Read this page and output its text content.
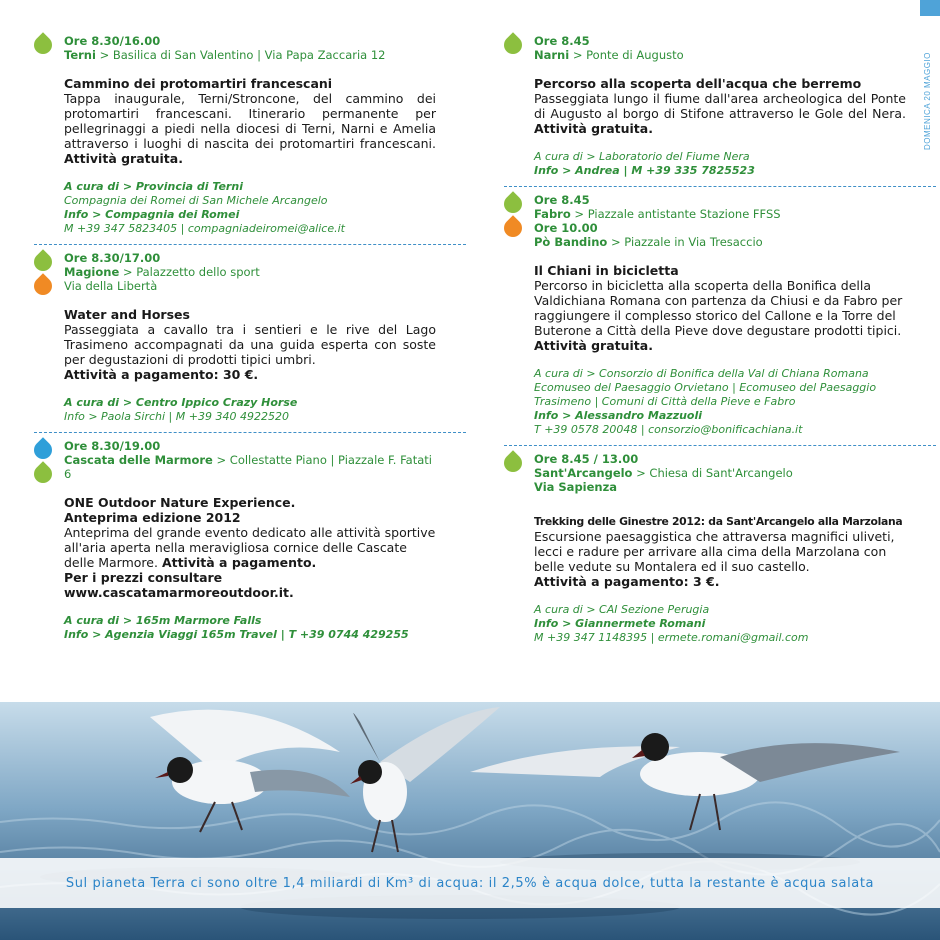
DOMENICA 20 MAGGIO
Ore 8.30/16.00
Terni > Basilica di San Valentino | Via Papa Zaccaria 12
Cammino dei protomartiri francescani
Tappa inaugurale, Terni/Stroncone, del cammino dei protomartiri francescani. Itinerario permanente per pellegrinaggi a piedi nella diocesi di Terni, Narni e Amelia attraverso i luoghi di nascita dei protomartiri francescani. Attività gratuita.
A cura di > Provincia di Terni
Compagnia dei Romei di San Michele Arcangelo
Info > Compagnia dei Romei
M +39 347 5823405 | compagniadeiromei@alice.it
Ore 8.30/17.00
Magione > Palazzetto dello sport
Via della Libertà
Water and Horses
Passeggiata a cavallo tra i sentieri e le rive del Lago Trasimeno accompagnati da una guida esperta con soste per degustazioni di prodotti tipici umbri.
Attività a pagamento: 30 €.
A cura di > Centro Ippico Crazy Horse
Info > Paola Sirchi | M +39 340 4922520
Ore 8.30/19.00
Cascata delle Marmore > Collestatte Piano | Piazzale F. Fatati 6
ONE Outdoor Nature Experience.
Anteprima edizione 2012
Anteprima del grande evento dedicato alle attività sportive all'aria aperta nella meravigliosa cornice delle Cascate delle Marmore. Attività a pagamento.
Per i prezzi consultare www.cascatamarmoreoutdoor.it.
A cura di > 165m Marmore Falls
Info > Agenzia Viaggi 165m Travel | T +39 0744 429255
Ore 8.45
Narni > Ponte di Augusto
Percorso alla scoperta dell'acqua che berremo
Passeggiata lungo il fiume dall'area archeologica del Ponte di Augusto al borgo di Stifone attraverso le Gole del Nera. Attività gratuita.
A cura di > Laboratorio del Fiume Nera
Info > Andrea | M +39 335 7825523
Ore 8.45
Fabro > Piazzale antistante Stazione FFSS
Ore 10.00
Pò Bandino > Piazzale in Via Tresaccio
Il Chiani in bicicletta
Percorso in bicicletta alla scoperta della Bonifica della Valdichiana Romana con partenza da Chiusi e da Fabro per raggiungere il complesso storico del Callone e la Torre del Buterone a Città della Pieve dove degustare prodotti tipici. Attività gratuita.
A cura di > Consorzio di Bonifica della Val di Chiana Romana
Ecomuseo del Paesaggio Orvietano | Ecomuseo del Paesaggio
Trasimeno | Comuni di Città della Pieve e Fabro
Info > Alessandro Mazzuoli
T +39 0578 20048 | consorzio@bonificachiana.it
Ore 8.45 / 13.00
Sant'Arcangelo > Chiesa di Sant'Arcangelo
Via Sapienza
Trekking delle Ginestre 2012: da Sant'Arcangelo alla Marzolana
Escursione paesaggistica che attraversa magnifici uliveti, lecci e radure per arrivare alla cima della Marzolana con belle vedute su Montalera ed il suo castello.
Attività a pagamento: 3 €.
A cura di > CAI Sezione Perugia
Info > Giannermete Romani
M +39 347 1148395 | ermete.romani@gmail.com
Sul pianeta Terra ci sono oltre 1,4 miliardi di Km³ di acqua: il 2,5% è acqua dolce, tutta la restante è acqua salata
